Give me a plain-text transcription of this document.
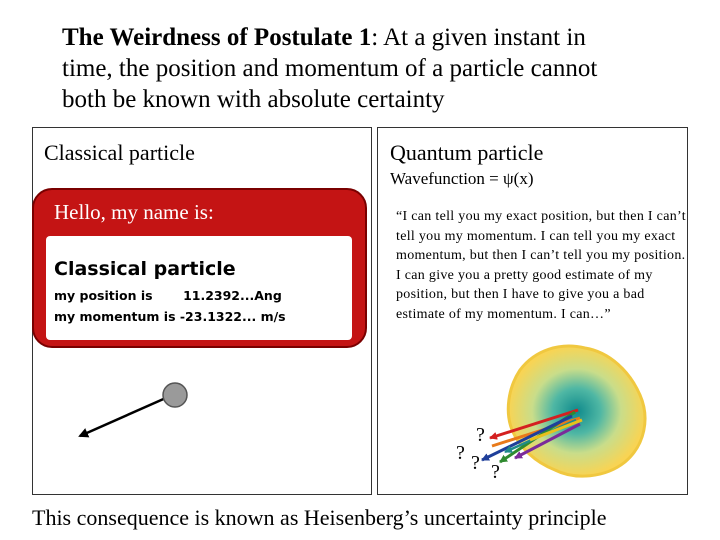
The Weirdness of Postulate 1: At a given instant in
time, the position and momentum of a particle cannot
both be known with absolute certainty
Classical particle	Quantum particle
Hello, my name is:
Classical particle
my position is       11.2392...Ang
my momentum is -23.1322... m/s
Wavefunction = ψ(x)
“I can tell you my exact position, but then I can’t tell you my momentum. I can tell you my exact momentum, but then I can’t tell you my position. I can give you a pretty good estimate of my position, but then I have to give you a bad estimate of my momentum. I can…”
?
? ? ?
This consequence is known as Heisenberg’s uncertainty principle
